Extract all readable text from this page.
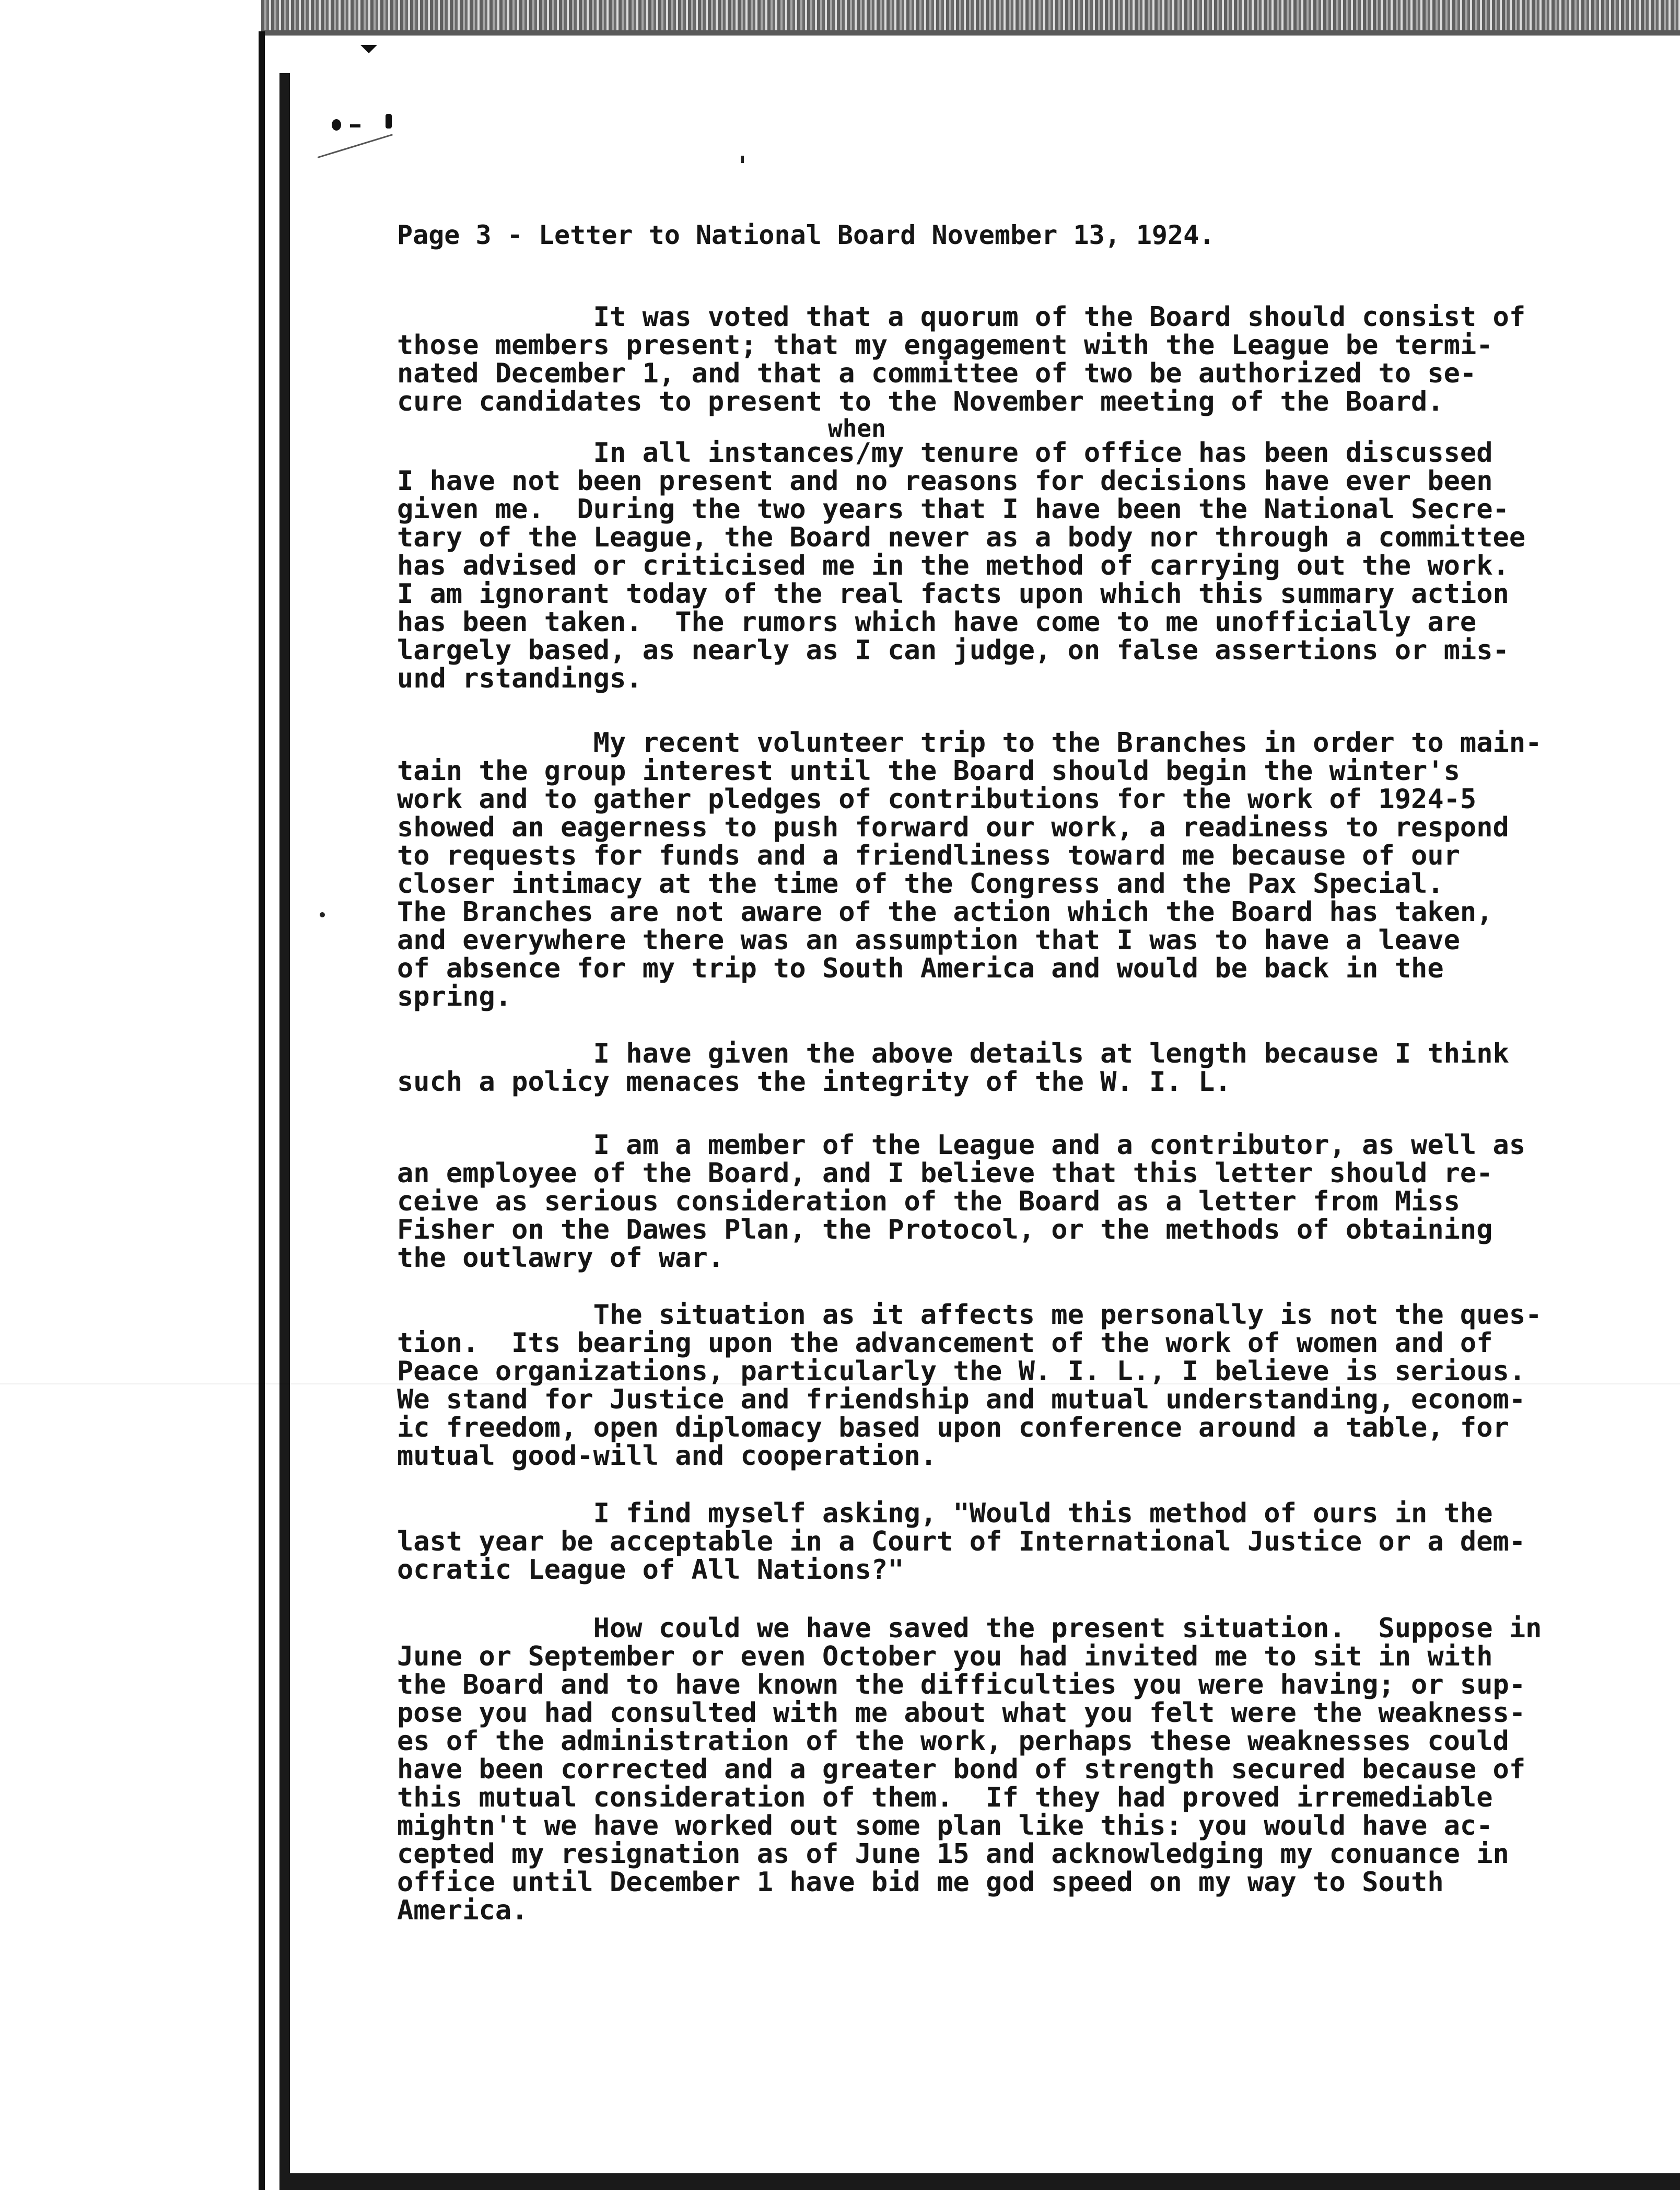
Page 3 - Letter to National Board November 13, 1924.

It was voted that a quorum of the Board should consist of
those members present; that my engagement with the League be termi-
nated December 1, and that a committee of two be authorized to se-
cure candidates to present to the November meeting of the Board.
when
In all instances/my tenure of office has been discussed
I have not been present and no reasons for decisions have ever been
given me.  During the two years that I have been the National Secre-
tary of the League, the Board never as a body nor through a committee
has advised or criticised me in the method of carrying out the work.
I am ignorant today of the real facts upon which this summary action
has been taken.  The rumors which have come to me unofficially are
largely based, as nearly as I can judge, on false assertions or mis-
und rstandings.
My recent volunteer trip to the Branches in order to main-
tain the group interest until the Board should begin the winter's
work and to gather pledges of contributions for the work of 1924-5
showed an eagerness to push forward our work, a readiness to respond
to requests for funds and a friendliness toward me because of our
closer intimacy at the time of the Congress and the Pax Special.
The Branches are not aware of the action which the Board has taken,
and everywhere there was an assumption that I was to have a leave
of absence for my trip to South America and would be back in the
spring.
I have given the above details at length because I think
such a policy menaces the integrity of the W. I. L.
I am a member of the League and a contributor, as well as
an employee of the Board, and I believe that this letter should re-
ceive as serious consideration of the Board as a letter from Miss
Fisher on the Dawes Plan, the Protocol, or the methods of obtaining
the outlawry of war.
The situation as it affects me personally is not the ques-
tion.  Its bearing upon the advancement of the work of women and of
Peace organizations, particularly the W. I. L., I believe is serious.
We stand for Justice and friendship and mutual understanding, econom-
ic freedom, open diplomacy based upon conference around a table, for
mutual good-will and cooperation.
I find myself asking, "Would this method of ours in the
last year be acceptable in a Court of International Justice or a dem-
ocratic League of All Nations?"
How could we have saved the present situation.  Suppose in
June or September or even October you had invited me to sit in with
the Board and to have known the difficulties you were having; or sup-
pose you had consulted with me about what you felt were the weakness-
es of the administration of the work, perhaps these weaknesses could
have been corrected and a greater bond of strength secured because of
this mutual consideration of them.  If they had proved irremediable
mightn't we have worked out some plan like this: you would have ac-
cepted my resignation as of June 15 and acknowledging my conuance in
office until December 1 have bid me god speed on my way to South
America.
